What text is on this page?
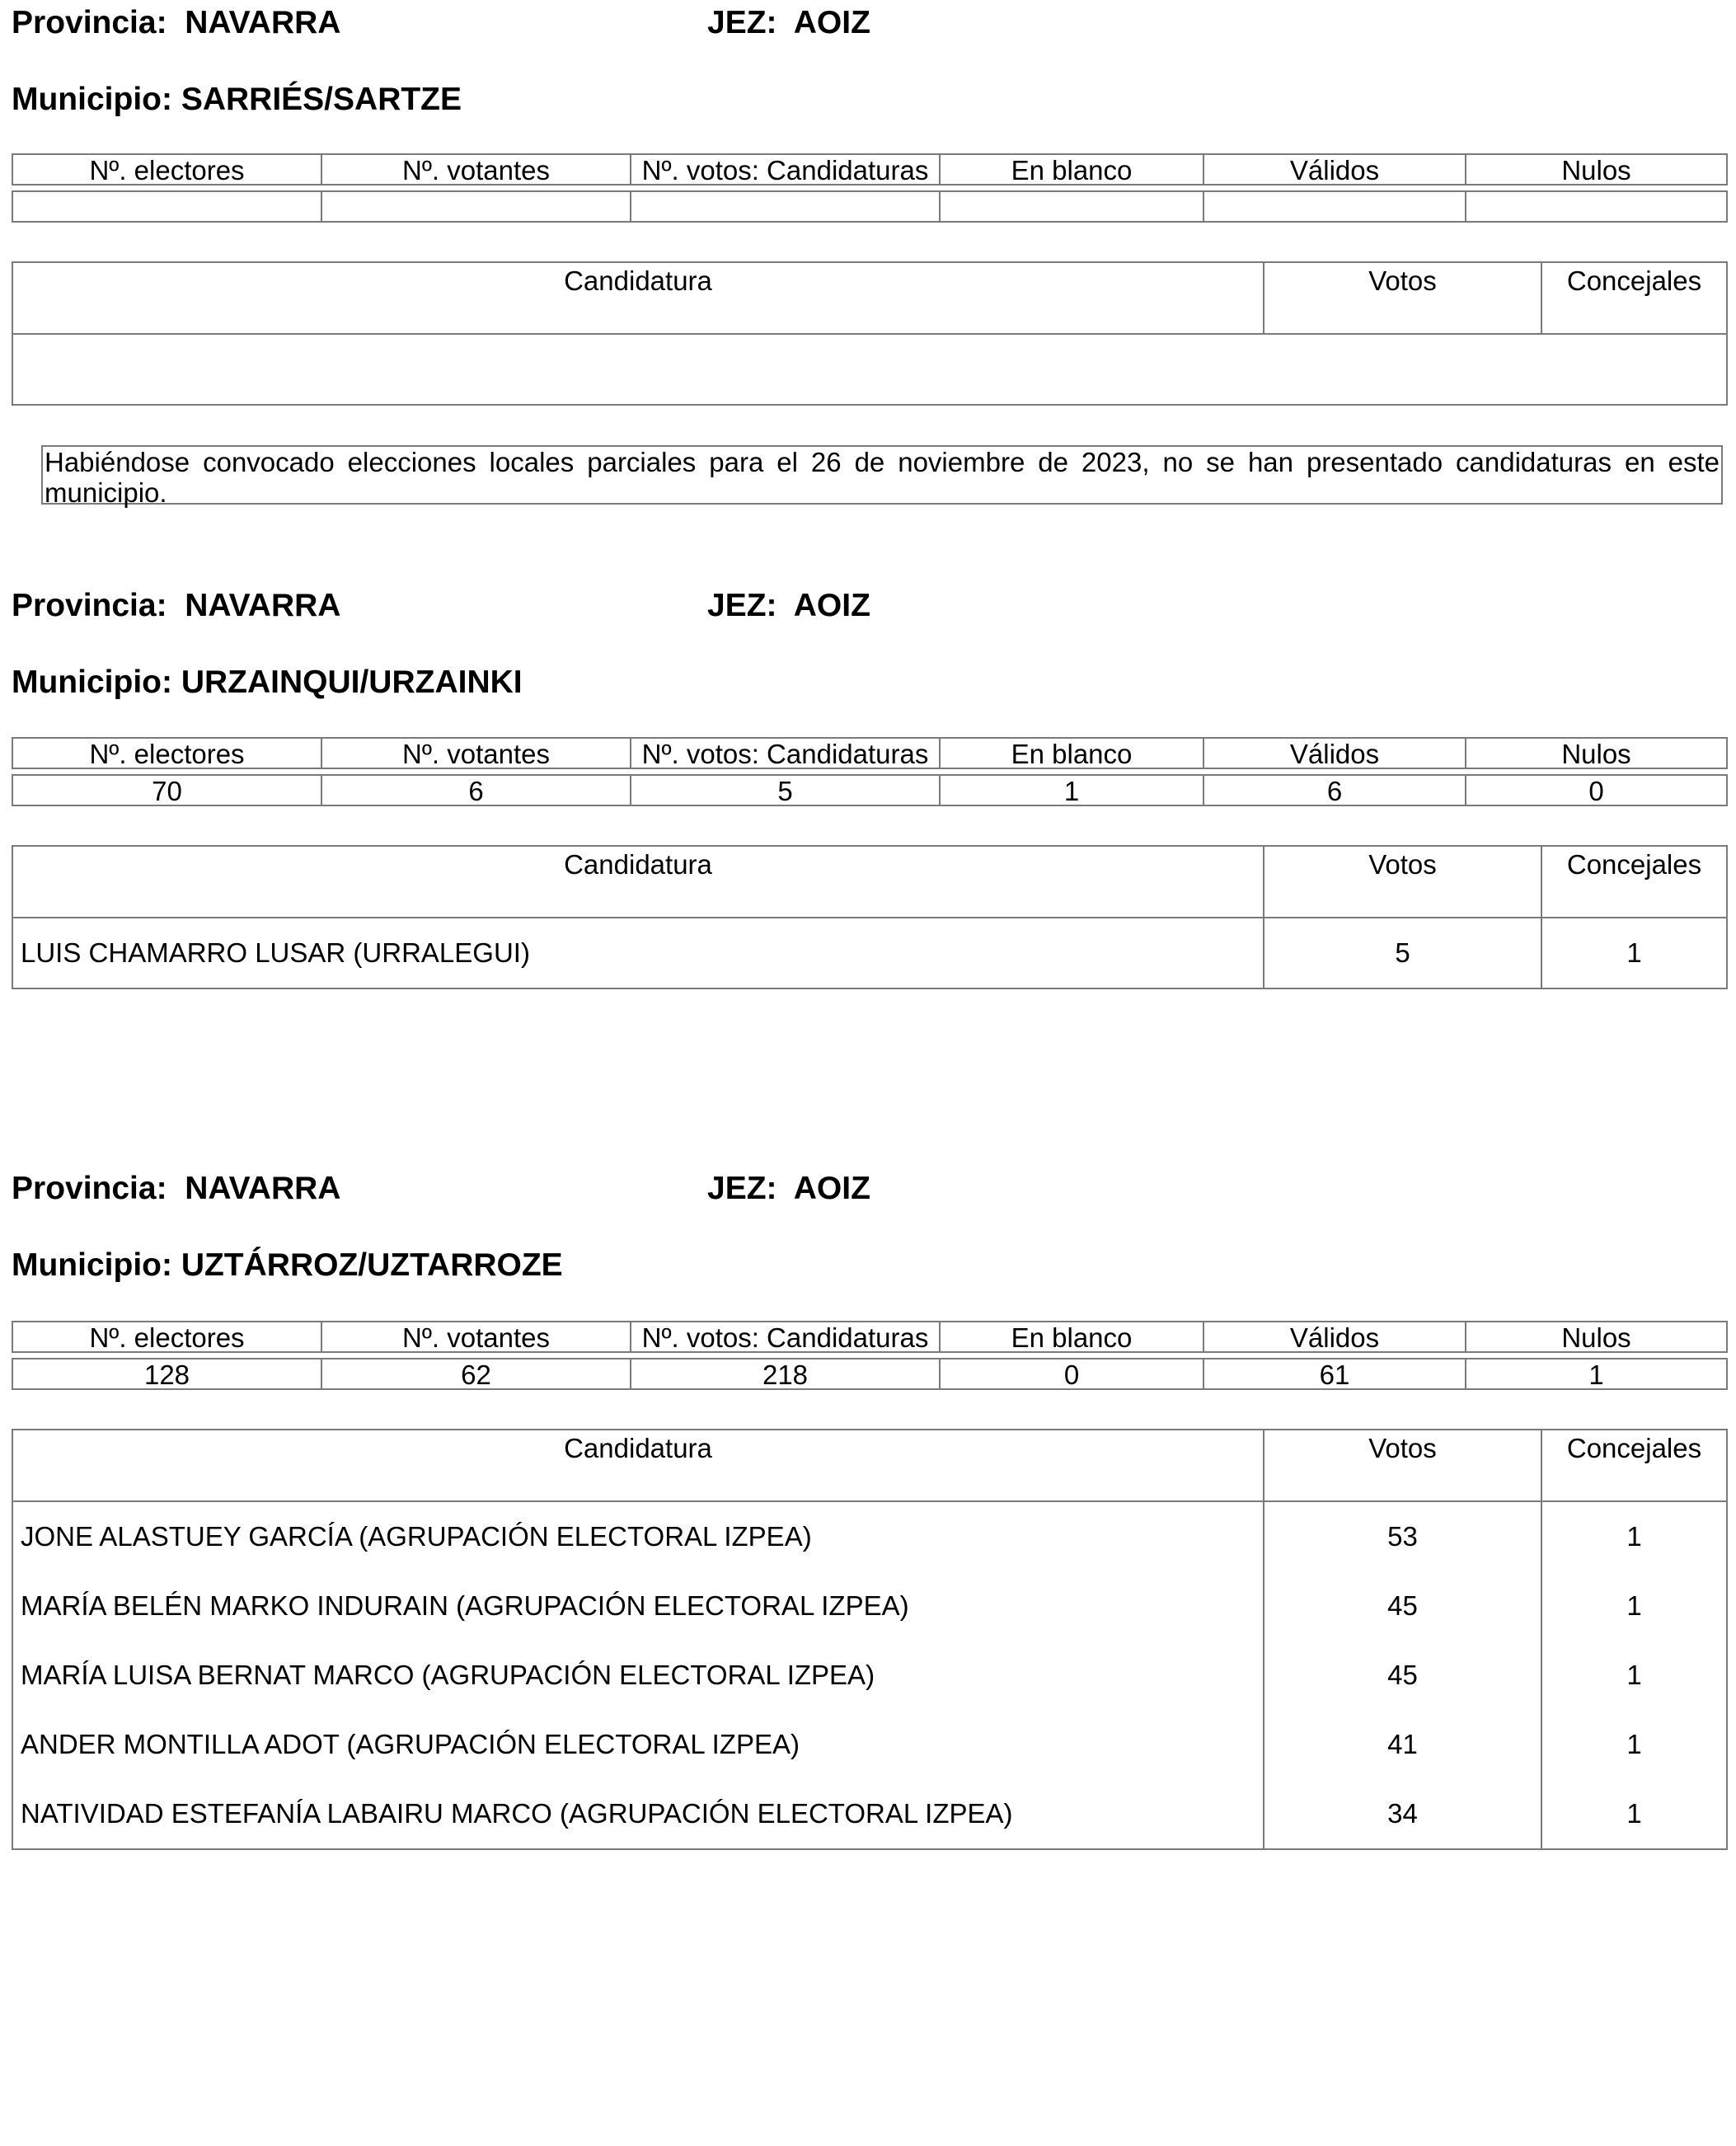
Provincia: NAVARRA	JEZ: AOIZ
Municipio: SARRIÉS/SARTZE
Nº. electores	Nº. votantes	Nº. votos: Candidaturas	En blanco	Válidos	Nulos

Candidatura	Votos	Concejales

Habiéndose convocado elecciones locales parciales para el 26 de noviembre de 2023, no se han presentado candidaturas en este municipio.
Provincia: NAVARRA	JEZ: AOIZ
Municipio: URZAINQUI/URZAINKI
Nº. electores	Nº. votantes	Nº. votos: Candidaturas	En blanco	Válidos	Nulos

70	6	5	1	6	0
Candidatura	Votos	Concejales
LUIS CHAMARRO LUSAR (URRALEGUI)	5	1
Provincia: NAVARRA	JEZ: AOIZ
Municipio: UZTÁRROZ/UZTARROZE
Nº. electores	Nº. votantes	Nº. votos: Candidaturas	En blanco	Válidos	Nulos

128	62	218	0	61	1
Candidatura	Votos	Concejales
JONE ALASTUEY GARCÍA (AGRUPACIÓN ELECTORAL IZPEA)	53	1
MARÍA BELÉN MARKO INDURAIN (AGRUPACIÓN ELECTORAL IZPEA)	45	1
MARÍA LUISA BERNAT MARCO (AGRUPACIÓN ELECTORAL IZPEA)	45	1
ANDER MONTILLA ADOT (AGRUPACIÓN ELECTORAL IZPEA)	41	1
NATIVIDAD ESTEFANÍA LABAIRU MARCO (AGRUPACIÓN ELECTORAL IZPEA)	34	1
